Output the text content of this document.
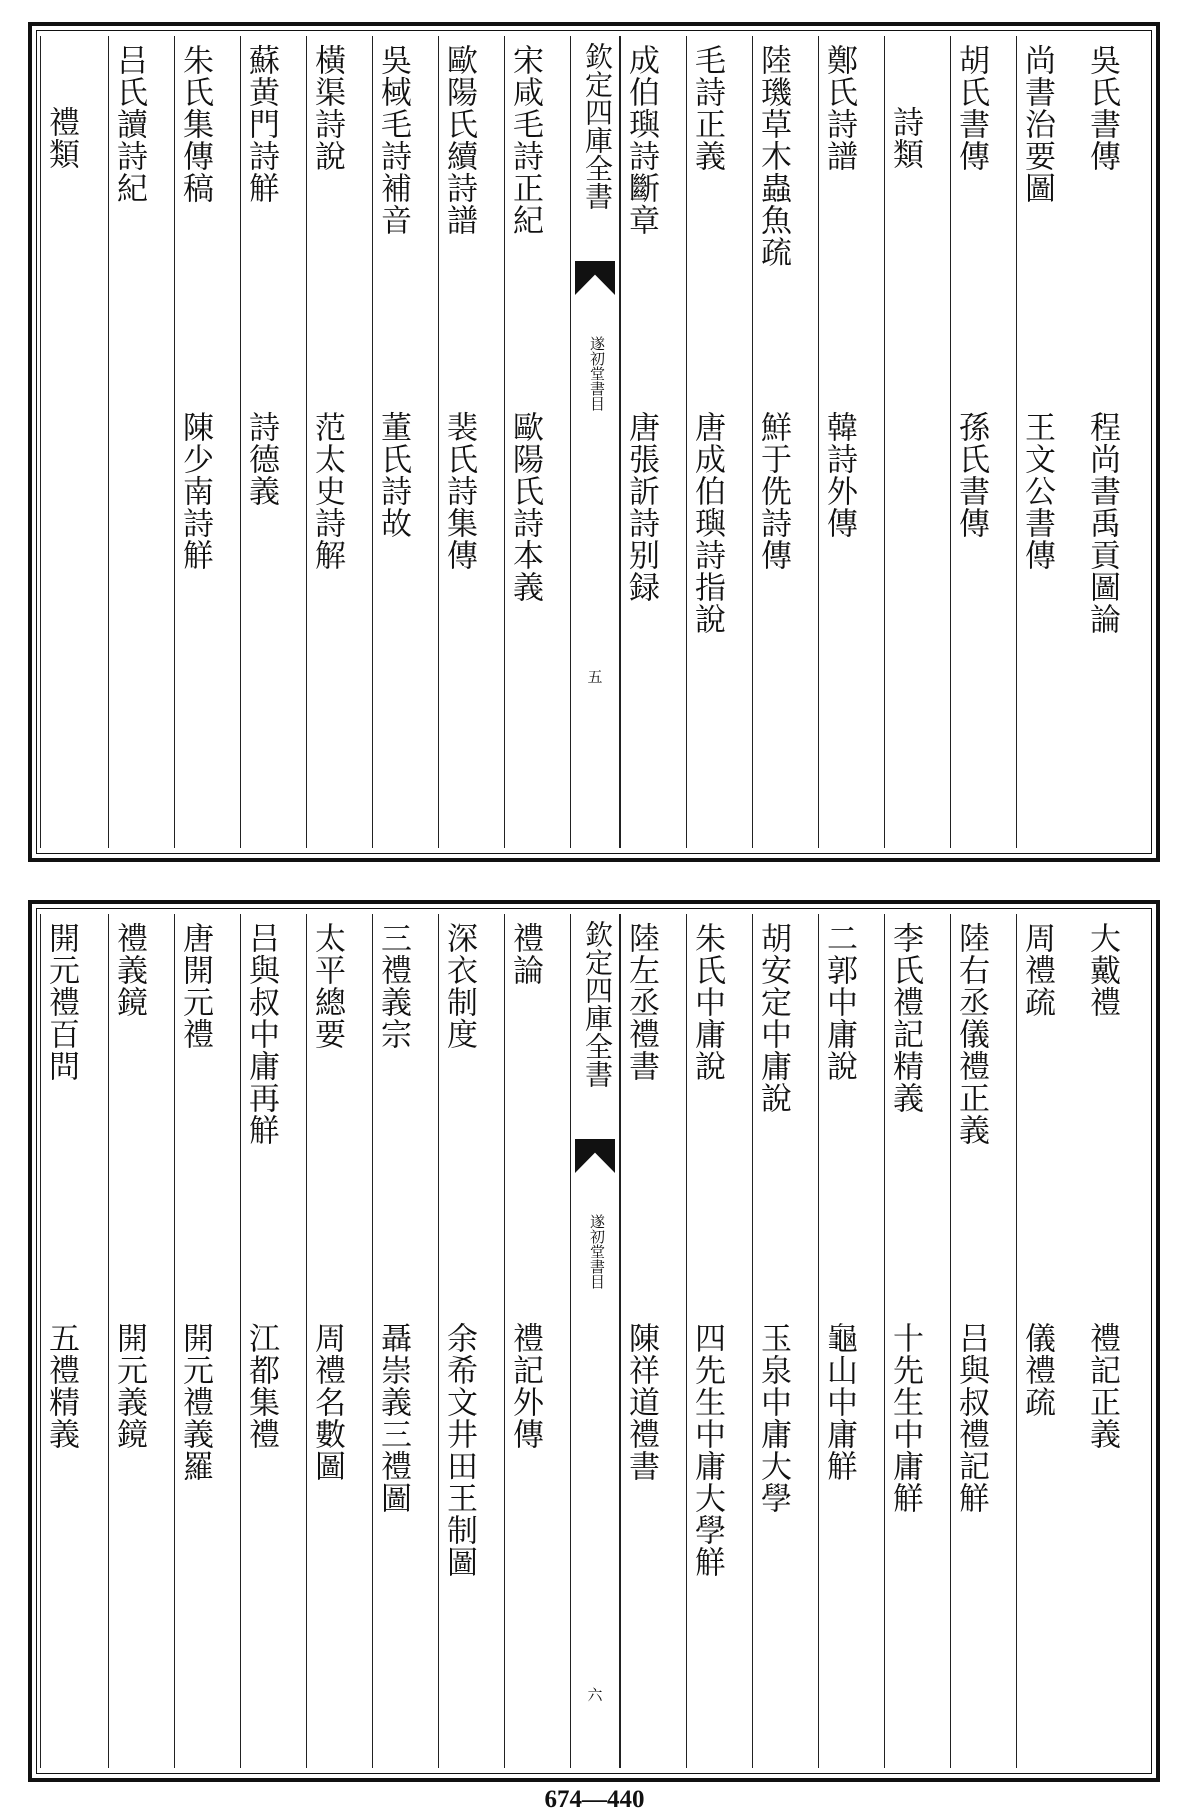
吳氏書傳
程尚書禹貢圖論
尚書治要圖
王文公書傳
胡氏書傳
孫氏書傳
詩類
鄭氏詩譜
韓詩外傳
陸璣草木蟲魚疏
鮮于侁詩傳
毛詩正義
唐成伯璵詩指說
成伯璵詩斷章
唐張訢詩别録
欽定四庫全書
遂初堂書目
五
宋咸毛詩正紀
歐陽氏詩本義
歐陽氏續詩譜
裴氏詩集傳
吳棫毛詩補音
董氏詩故
橫渠詩說
范太史詩解
蘇黄門詩觧
詩德義
朱氏集傳稿
陳少南詩觧
吕氏讀詩紀
禮類
大戴禮
禮記正義
周禮疏
儀禮疏
陸右丞儀禮正義
吕與叔禮記觧
李氏禮記精義
十先生中庸觧
二郭中庸說
龜山中庸觧
胡安定中庸說
玉泉中庸大學
朱氏中庸說
四先生中庸大學觧
陸左丞禮書
陳祥道禮書
欽定四庫全書
遂初堂書目
六
禮論
禮記外傳
深衣制度
余希文井田王制圖
三禮義宗
聶崇義三禮圖
太平總要
周禮名數圖
吕與叔中庸再觧
江都集禮
唐開元禮
開元禮義羅
禮義鏡
開元義鏡
開元禮百問
五禮精義
674—440
